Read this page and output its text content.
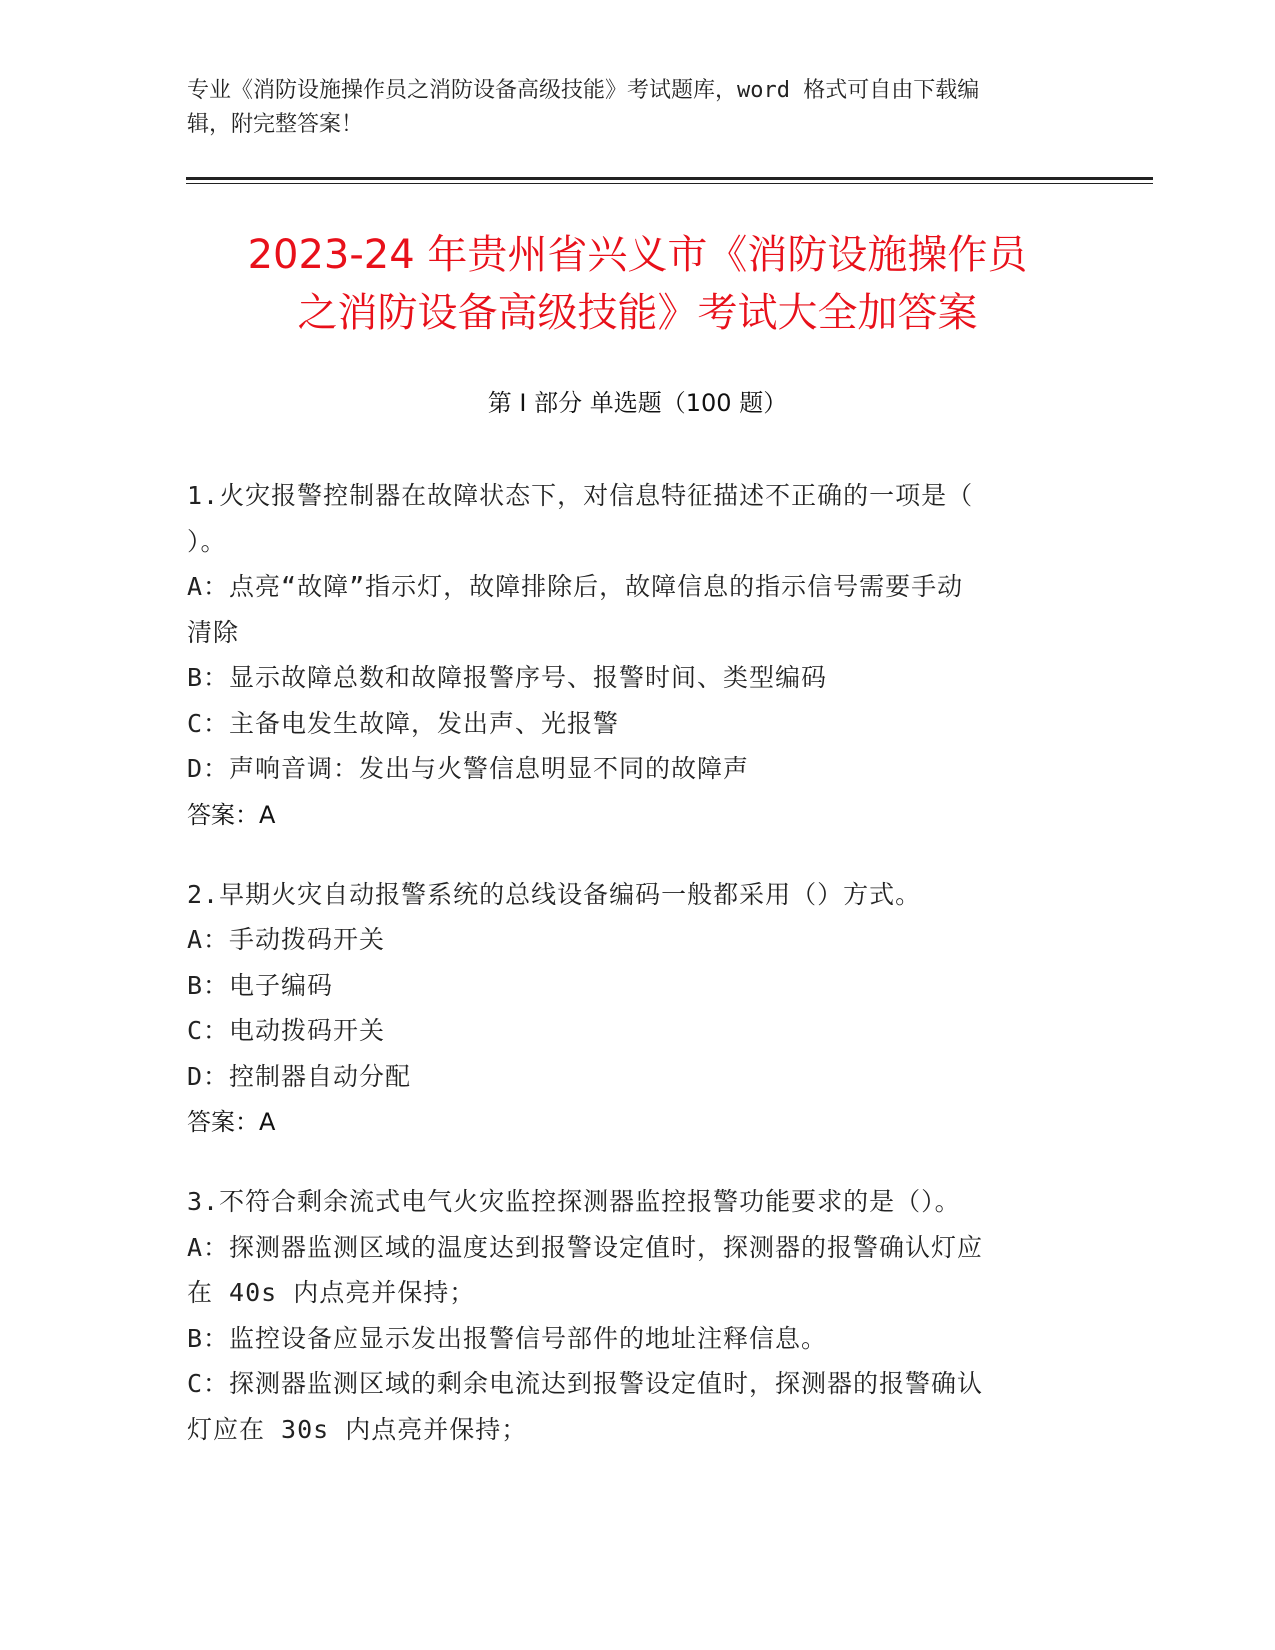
专业《消防设施操作员之消防设备高级技能》考试题库，word 格式可自由下载编
辑，附完整答案！
2023-24 年贵州省兴义市《消防设施操作员
之消防设备高级技能》考试大全加答案
第 I 部分 单选题（100 题）
1.火灾报警控制器在故障状态下，对信息特征描述不正确的一项是（
）。
A：点亮“故障”指示灯，故障排除后，故障信息的指示信号需要手动
清除
B：显示故障总数和故障报警序号、报警时间、类型编码
C：主备电发生故障，发出声、光报警
D：声响音调：发出与火警信息明显不同的故障声
答案：A
2.早期火灾自动报警系统的总线设备编码一般都采用（）方式。
A：手动拨码开关
B：电子编码
C：电动拨码开关
D：控制器自动分配
答案：A
3.不符合剩余流式电气火灾监控探测器监控报警功能要求的是（）。
A：探测器监测区域的温度达到报警设定值时，探测器的报警确认灯应
在 40s 内点亮并保持；
B：监控设备应显示发出报警信号部件的地址注释信息。
C：探测器监测区域的剩余电流达到报警设定值时，探测器的报警确认
灯应在 30s 内点亮并保持；
